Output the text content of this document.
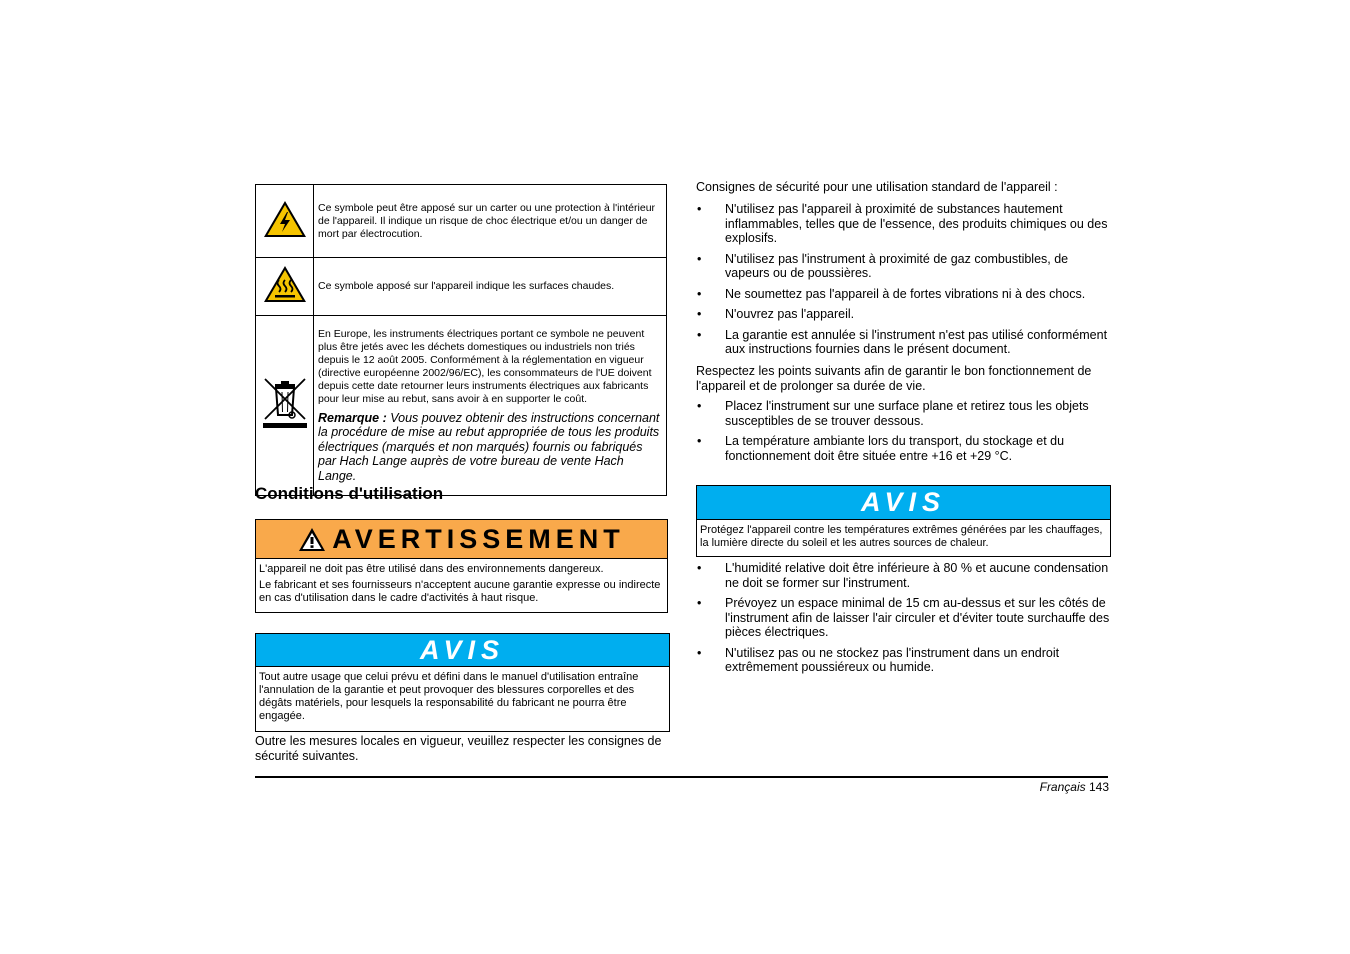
	Ce symbole peut être apposé sur un carter ou une protection à l'intérieur de l'appareil. Il indique un risque de choc électrique et/ou un danger de mort par électrocution.
	Ce symbole apposé sur l'appareil indique les surfaces chaudes.

En Europe, les instruments électriques portant ce symbole ne peuvent plus être jetés avec les déchets domestiques ou industriels non triés depuis le 12 août 2005. Conformément à la réglementation en vigueur (directive européenne 2002/96/EC), les consommateurs de l'UE doivent depuis cette date retourner leurs instruments électriques aux fabricants pour leur mise au rebut, sans avoir à en supporter le coût.
Remarque : Vous pouvez obtenir des instructions concernant la procédure de mise au rebut appropriée de tous les produits électriques (marqués et non marqués) fournis ou fabriqués par Hach Lange auprès de votre bureau de vente Hach Lange.
Conditions d'utilisation
AVERTISSEMENT

L'appareil ne doit pas être utilisé dans des environnements dangereux.

Le fabricant et ses fournisseurs n'acceptent aucune garantie expresse ou indirecte en cas d'utilisation dans le cadre d'activités à haut risque.

AVIS
Tout autre usage que celui prévu et défini dans le manuel d'utilisation entraîne l'annulation de la garantie et peut provoquer des blessures corporelles et des dégâts matériels, pour lesquels la responsabilité du fabricant ne pourra être engagée.

Outre les mesures locales en vigueur, veuillez respecter les consignes de sécurité suivantes.

Consignes de sécurité pour une utilisation standard de l'appareil :

• N'utilisez pas l'appareil à proximité de substances hautement inflammables, telles que de l'essence, des produits chimiques ou des explosifs.
• N'utilisez pas l'instrument à proximité de gaz combustibles, de vapeurs ou de poussières.
• Ne soumettez pas l'appareil à de fortes vibrations ni à des chocs.
• N'ouvrez pas l'appareil.
• La garantie est annulée si l'instrument n'est pas utilisé conformément aux instructions fournies dans le présent document.

Respectez les points suivants afin de garantir le bon fonctionnement de l'appareil et de prolonger sa durée de vie.

• Placez l'instrument sur une surface plane et retirez tous les objets susceptibles de se trouver dessous.
• La température ambiante lors du transport, du stockage et du fonctionnement doit être située entre +16 et +29 °C.
AVIS
Protégez l'appareil contre les températures extrêmes générées par les chauffages, la lumière directe du soleil et les autres sources de chaleur.
• L'humidité relative doit être inférieure à 80 % et aucune condensation ne doit se former sur l'instrument.
• Prévoyez un espace minimal de 15 cm au-dessus et sur les côtés de l'instrument afin de laisser l'air circuler et d'éviter toute surchauffe des pièces électriques.
• N'utilisez pas ou ne stockez pas l'instrument dans un endroit extrêmement poussiéreux ou humide.
Français 143
